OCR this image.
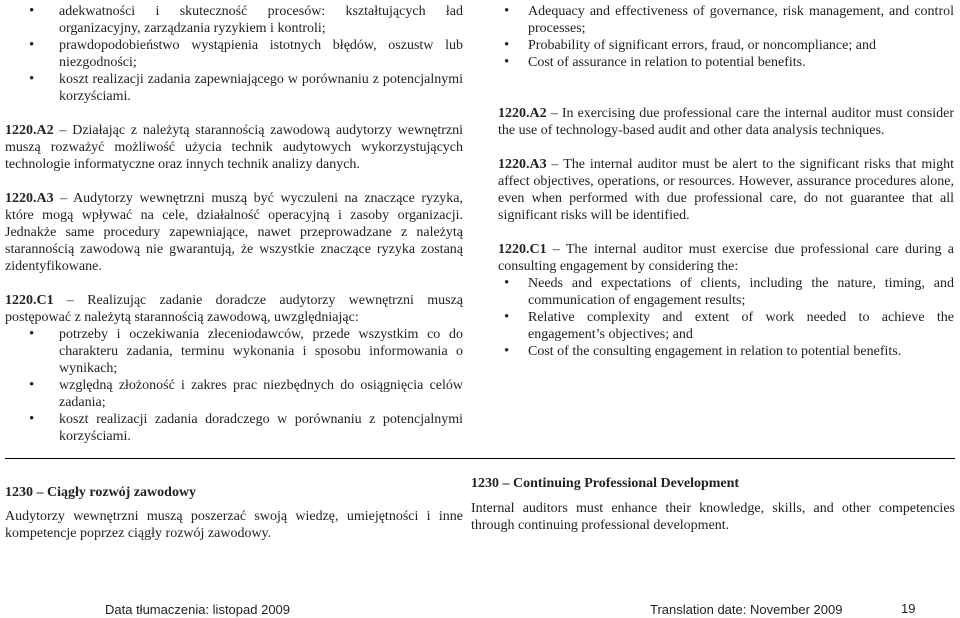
• adekwatności i skuteczność procesów: kształtujących ład organizacyjny, zarządzania ryzykiem i kontroli;
• prawdopodobieństwo wystąpienia istotnych błędów, oszustw lub niezgodności;
• koszt realizacji zadania zapewniającego w porównaniu z potencjalnymi korzyściami.

1220.A2 – Działając z należytą starannością zawodową audytorzy wewnętrzni muszą rozważyć możliwość użycia technik audytowych wykorzystujących technologie informatyczne oraz innych technik analizy danych.

1220.A3 – Audytorzy wewnętrzni muszą być wyczuleni na znaczące ryzyka, które mogą wpływać na cele, działalność operacyjną i zasoby organizacji. Jednakże same procedury zapewniające, nawet przeprowadzane z należytą starannością zawodową nie gwarantują, że wszystkie znaczące ryzyka zostaną zidentyfikowane.

1220.C1 – Realizując zadanie doradcze audytorzy wewnętrzni muszą postępować z należytą starannością zawodową, uwzględniając:

• potrzeby i oczekiwania zleceniodawców, przede wszystkim co do charakteru zadania, terminu wykonania i sposobu informowania o wynikach;
• względną złożoność i zakres prac niezbędnych do osiągnięcia celów zadania;
• koszt realizacji zadania doradczego w porównaniu z potencjalnymi korzyściami.
• Adequacy and effectiveness of governance, risk management, and control processes;
• Probability of significant errors, fraud, or noncompliance; and
• Cost of assurance in relation to potential benefits.

1220.A2 – In exercising due professional care the internal auditor must consider the use of technology-based audit and other data analysis techniques.

1220.A3 – The internal auditor must be alert to the significant risks that might affect objectives, operations, or resources. However, assurance procedures alone, even when performed with due professional care, do not guarantee that all significant risks will be identified.

1220.C1 – The internal auditor must exercise due professional care during a consulting engagement by considering the:

• Needs and expectations of clients, including the nature, timing, and communication of engagement results;
• Relative complexity and extent of work needed to achieve the engagement’s objectives; and
• Cost of the consulting engagement in relation to potential benefits.
1230 – Ciągły rozwój zawodowy
Audytorzy wewnętrzni muszą poszerzać swoją wiedzę, umiejętności i inne kompetencje poprzez ciągły rozwój zawodowy.
1230 – Continuing Professional Development
Internal auditors must enhance their knowledge, skills, and other competencies through continuing professional development.
Data tłumaczenia: listopad 2009	Translation date: November 2009	19
